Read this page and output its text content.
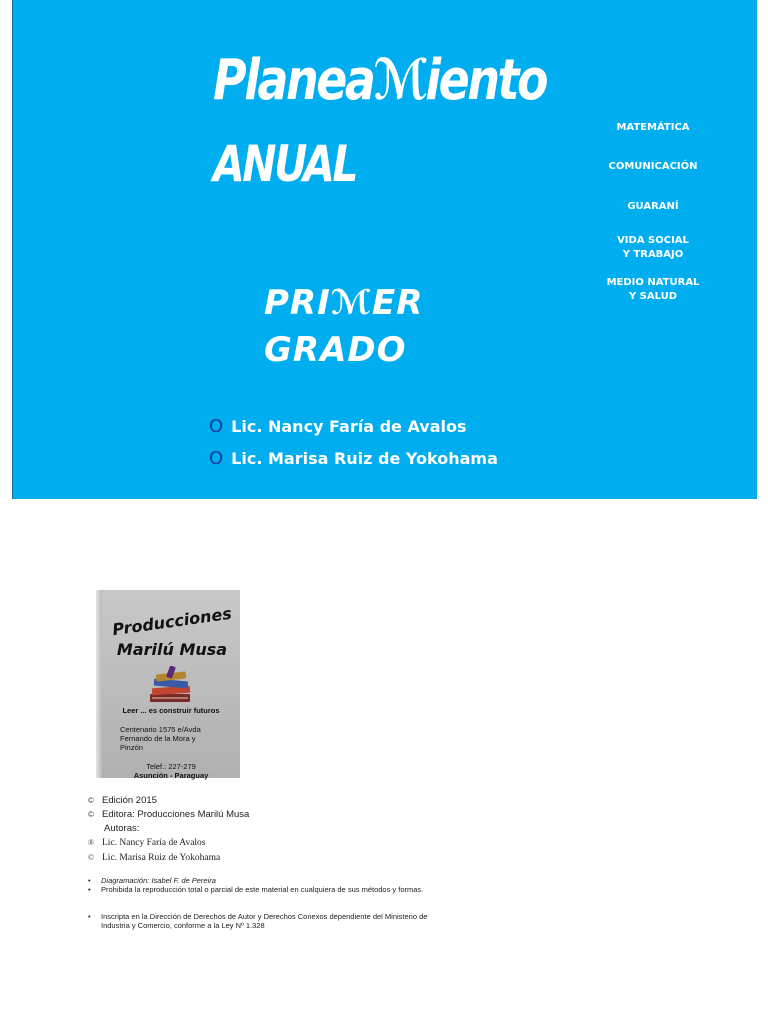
Planeaℳiento
ANUAL
PRIℳER
GRADO
O Lic. Nancy Faría de Avalos
O Lic. Marisa Ruiz de Yokohama
MATEMÁTICA
COMUNICACIÓN
GUARANÍ
VIDA SOCIAL
Y TRABAJO
MEDIO NATURAL
Y SALUD
Producciones
Marilú Musa
Leer ... es construir futuros
Centenario 1575 e/Avda
Fernando de la Mora y
Pinzón
Telef.: 227-279
Asunción - Paraguay
© Edición 2015
© Editora: Producciones Marilú Musa
Autoras:
® Lic. Nancy Faría de Avalos
© Lic. Marisa Ruiz de Yokohama
• Diagramación: Isabel F. de Pereira
• Prohibida la reproducción total o parcial de este material en cualquiera de sus métodos y formas.
• Inscripta en la Dirección de Derechos de Autor y Derechos Conexos dependiente del Ministerio de Industria y Comercio, conforme a la Ley Nº 1.328
